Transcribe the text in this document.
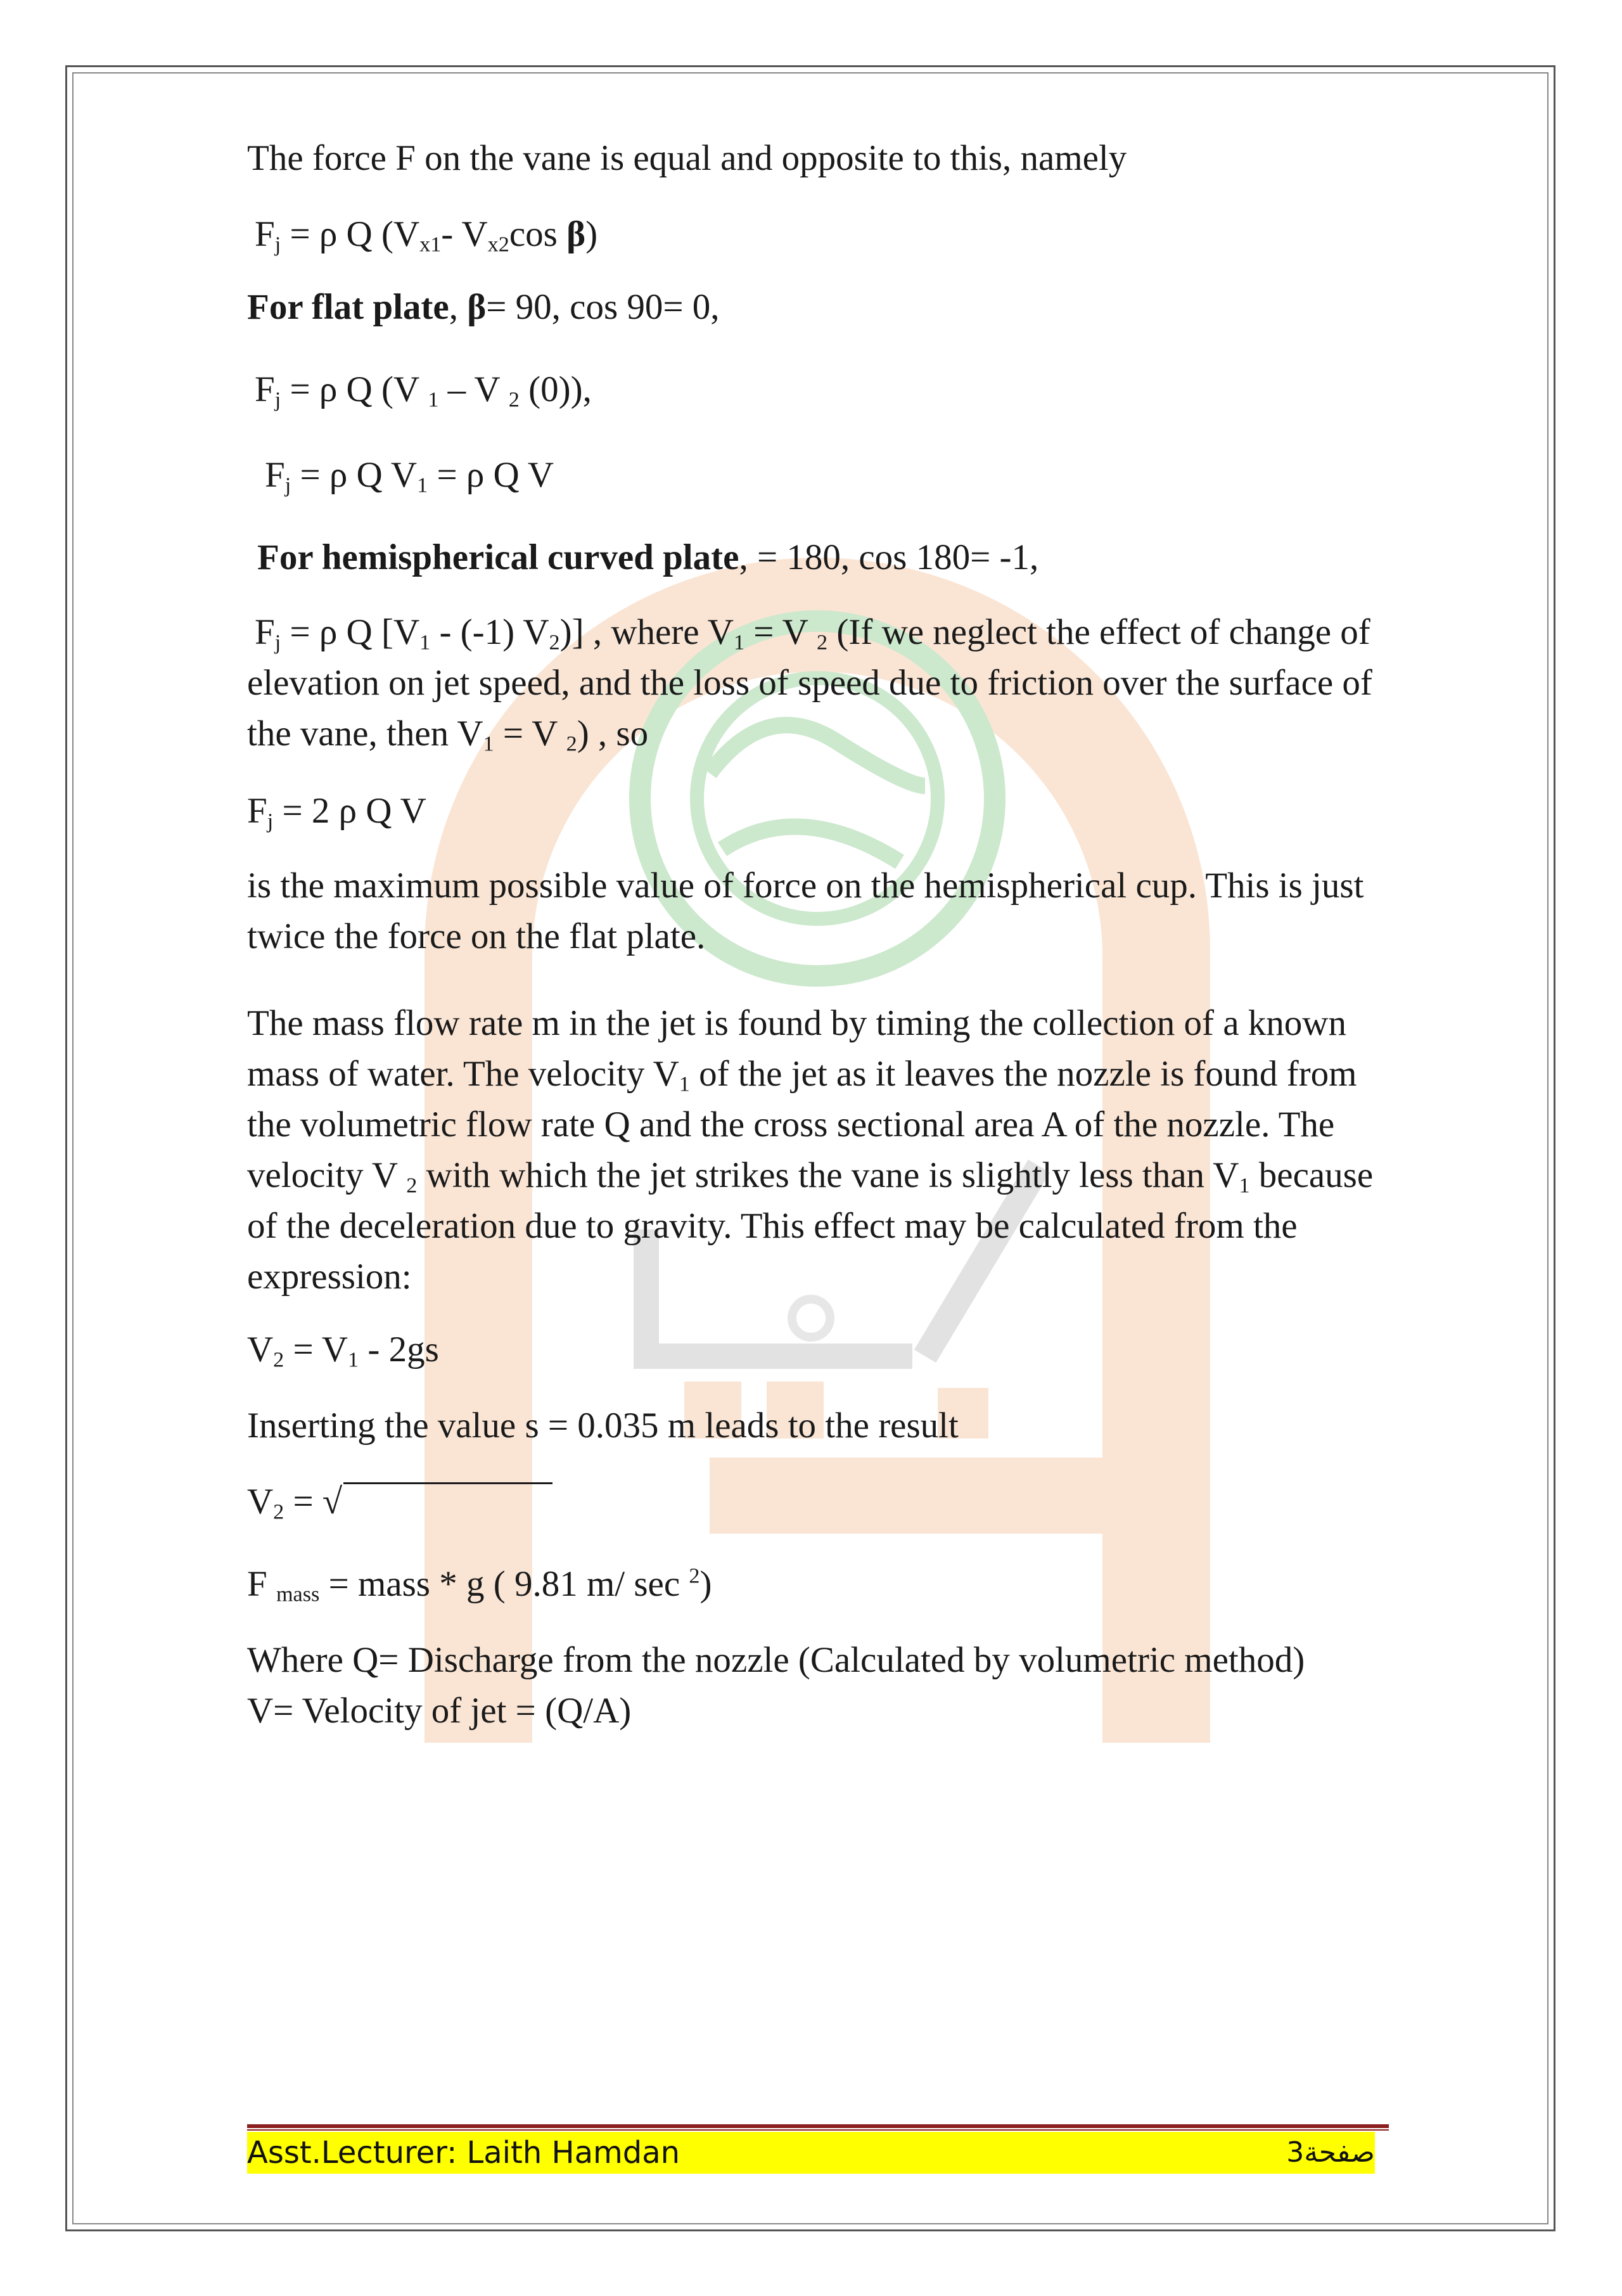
The force F on the vane is equal and opposite to this, namely
$F_j = \rho$ Q ($V_{x1}-$ $V_{x2}\cos$ β)
For flat plate, β= 90, cos 90= 0,
$F_j = \rho$ Q (V $_1$ – V $_2$ (0)),
$F_j = \rho$ Q $V_1 = \rho$ Q V
For hemispherical curved plate, = 180, cos 180= -1,
$F_j = \rho$ Q [$V_1 - (-1)$ $V_2$)] , where $V_1 = V$ $_2$ (If we neglect the effect of change of elevation on jet speed, and the loss of speed due to friction over the surface of the vane, then $V_1 = V$ $_2$) , so
$F_j = 2$ ρ Q V
is the maximum possible value of force on the hemispherical cup. This is just twice the force on the flat plate.
The mass flow rate m in the jet is found by timing the collection of a known mass of water. The velocity $V_1$ of the jet as it leaves the nozzle is found from the volumetric flow rate Q and the cross sectional area A of the nozzle. The velocity V $_2$ with which the jet strikes the vane is slightly less than $V_1$ because of the deceleration due to gravity. This effect may be calculated from the expression:
$V_2 = V_1 - 2gs$
Inserting the value s = 0.035 m leads to the result
$V_2$ = √
F $_{mass}$ = mass * g ( 9.81 m/ sec $^2$)
Where Q= Discharge from the nozzle (Calculated by volumetric method)
V= Velocity of jet = (Q/A)
Asst.Lecturer: Laith Hamdan	3ﺻﻔﺤﺔ
